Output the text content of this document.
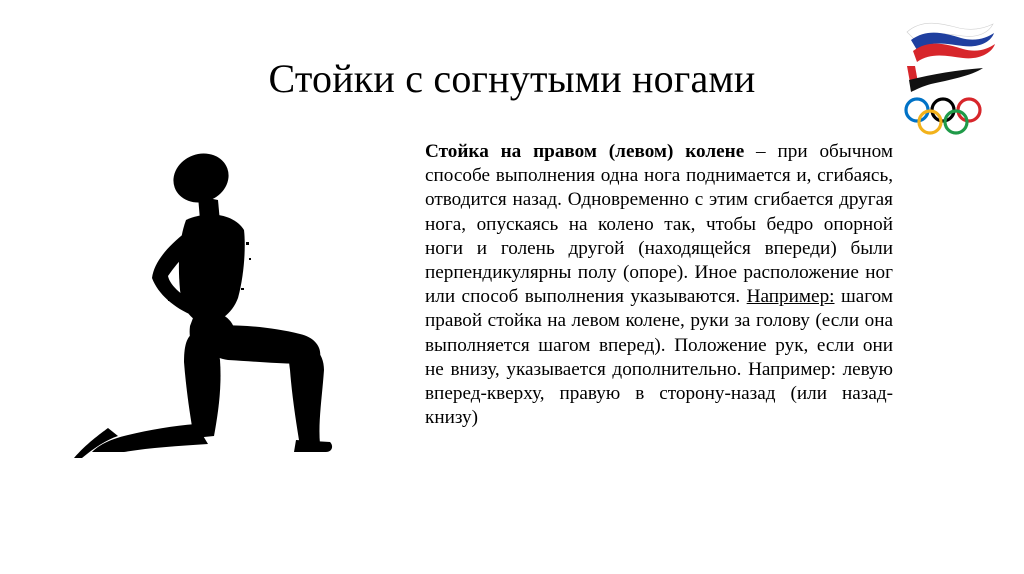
Стойки с согнутыми ногами
Стойка на правом (левом) колене – при обычном способе выполнения одна нога поднимается и, сгибаясь, отводится назад. Одновременно с этим сгибается другая нога, опускаясь на колено так, чтобы бедро опорной ноги и голень другой (находящейся впереди) были перпендикулярны полу (опоре). Иное расположение ног или способ выполнения указываются. Например: шагом правой стойка на левом колене, руки за голову (если она выполняется шагом вперед). Положение рук, если они не внизу, указывается дополнительно. Например: левую вперед-кверху, правую в сторону-назад (или назад-книзу)
